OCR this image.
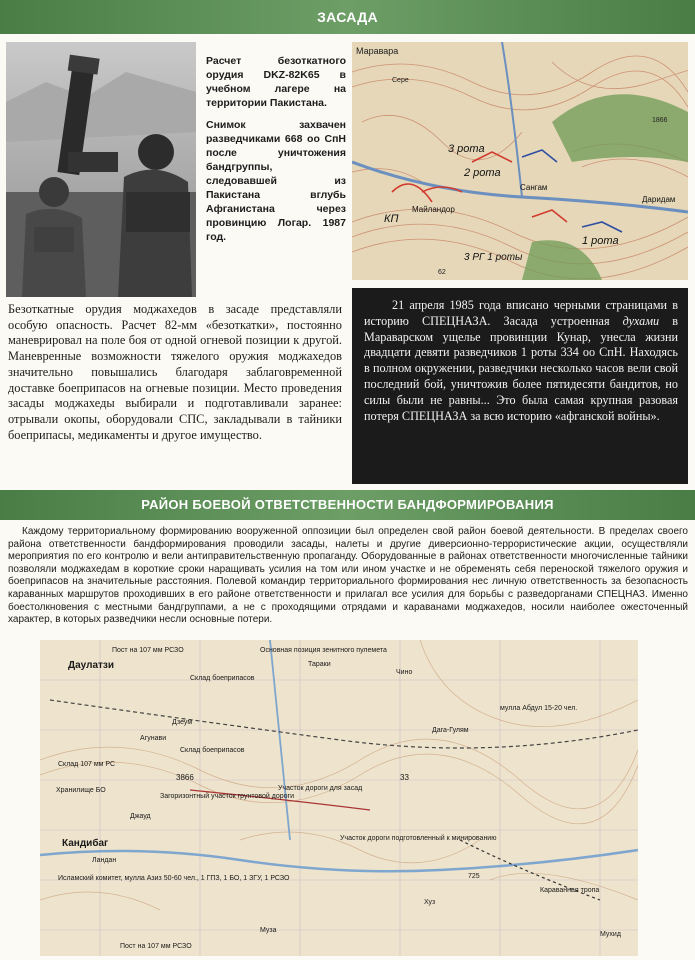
ЗАСАДА

Расчет безоткатного орудия DKZ-82K65 в учебном лагере на территории Пакистана.

Снимок захвачен разведчиками 668 оо СпН после уничтожения бандгруппы, следовавшей из Пакистана вглубь Афганистана через провинцию Логар. 1987 год.

Маравара
Сере
1866
3 рота
2 рота
Сангам
КП
Майландор
Даридам
1 рота
3 РГ 1 роты
62
Безоткатные орудия моджахедов в засаде представляли особую опасность. Расчет 82-мм «безоткатки», постоянно маневрировал на поле боя от одной огневой позиции к другой. Маневренные возможности тяжелого оружия моджахедов значительно повышались благодаря заблаговременной доставке боеприпасов на огневые позиции. Место проведения засады моджахеды выбирали и подготавливали заранее: отрывали окопы, оборудовали СПС, закладывали в тайники боеприпасы, медикаменты и другое имущество.

21 апреля 1985 года вписано черными страницами в историю СПЕЦНАЗА. Засада устроенная духами в Мараварском ущелье провинции Кунар, унесла жизни двадцати девяти разведчиков 1 роты 334 оо СпН. Находясь в полном окружении, разведчики несколько часов вели свой последний бой, уничтожив более пятидесяти бандитов, но силы были не равны... Это была самая крупная разовая потеря СПЕЦНАЗА за всю историю «афганской войны».

РАЙОН БОЕВОЙ ОТВЕТСТВЕННОСТИ БАНДФОРМИРОВАНИЯ

Каждому территориальному формированию вооруженной оппозиции был определен свой район боевой деятельности. В пределах своего района ответственности бандформирования проводили засады, налеты и другие диверсионно-террористические акции, осуществляли мероприятия по его контролю и вели антиправительственную пропаганду. Оборудованные в районах ответственности многочисленные тайники позволяли моджахедам в короткие сроки наращивать усилия на том или ином участке и не обременять себя переноской тяжелого оружия и боеприпасов на значительные расстояния. Полевой командир территориального формирования нес личную ответственность за безопасность караванных маршрутов проходивших в его районе ответственности и прилагал все усилия для борьбы с разведорганами СПЕЦНАЗ. Именно боестолкновения с местными бандгруппами, а не с проходящими отрядами и караванами моджахедов, носили наиболее ожесточенный характер, в которых разведчики несли основные потери.

Даулатзи
Кандибаг
Пост на 107 мм РСЗО	Основная позиция зенитного пулемета
Тараки
Чино
Склад боеприпасов
Дзеум
Агунави
Склад боеприпасов
Загоризонтный участок грунтовой дороги
Склад 107 мм РС
Хранилище БО
Джауд
Ландан
Исламский комитет, мулла Азиз 50-60 чел., 1 ГПЗ, 1 БО, 1 ЗГУ, 1 РСЗО
Участок дороги для засад
Дага-Гулям
мулла Абдул 15-20 чел.
Караванная тропа
Мухид
Пост на 107 мм РСЗО
3866	33
725
Участок дороги подготовленный к минированию
Хуз
Муза
